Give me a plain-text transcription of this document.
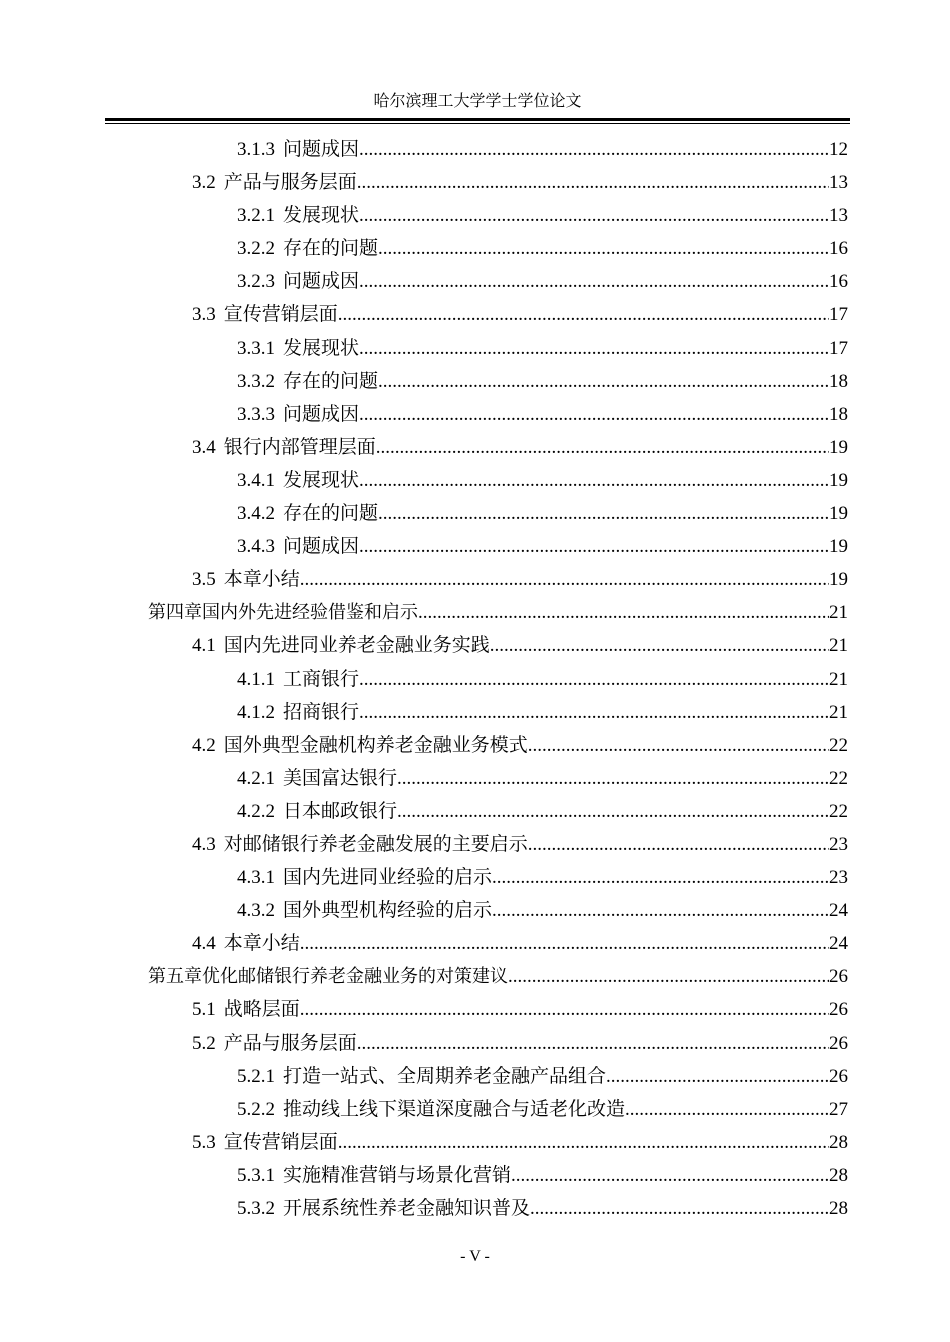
哈尔滨理工大学学士学位论文
3.1.3 问题成因 .....	12
3.2 产品与服务层面 .....	13
3.2.1 发展现状 .....	13
3.2.2 存在的问题 .....	16
3.2.3 问题成因 .....	16
3.3 宣传营销层面 .....	17
3.3.1 发展现状 .....	17
3.3.2 存在的问题 .....	18
3.3.3 问题成因 .....	18
3.4 银行内部管理层面 .....	19
3.4.1 发展现状 .....	19
3.4.2 存在的问题 .....	19
3.4.3 问题成因 .....	19
3.5 本章小结 .....	19
第四章国内外先进经验借鉴和启示 .....	21
4.1 国内先进同业养老金融业务实践 .....	21
4.1.1 工商银行 .....	21
4.1.2 招商银行 .....	21
4.2 国外典型金融机构养老金融业务模式 .....	22
4.2.1 美国富达银行 .....	22
4.2.2 日本邮政银行 .....	22
4.3 对邮储银行养老金融发展的主要启示 .....	23
4.3.1 国内先进同业经验的启示 .....	23
4.3.2 国外典型机构经验的启示 .....	24
4.4 本章小结 .....	24
第五章优化邮储银行养老金融业务的对策建议 .....	26
5.1 战略层面 .....	26
5.2 产品与服务层面 .....	26
5.2.1 打造一站式、全周期养老金融产品组合 .....	26
5.2.2 推动线上线下渠道深度融合与适老化改造 .....	27
5.3 宣传营销层面 .....	28
5.3.1 实施精准营销与场景化营销 .....	28
5.3.2 开展系统性养老金融知识普及 .....	28
- V -
